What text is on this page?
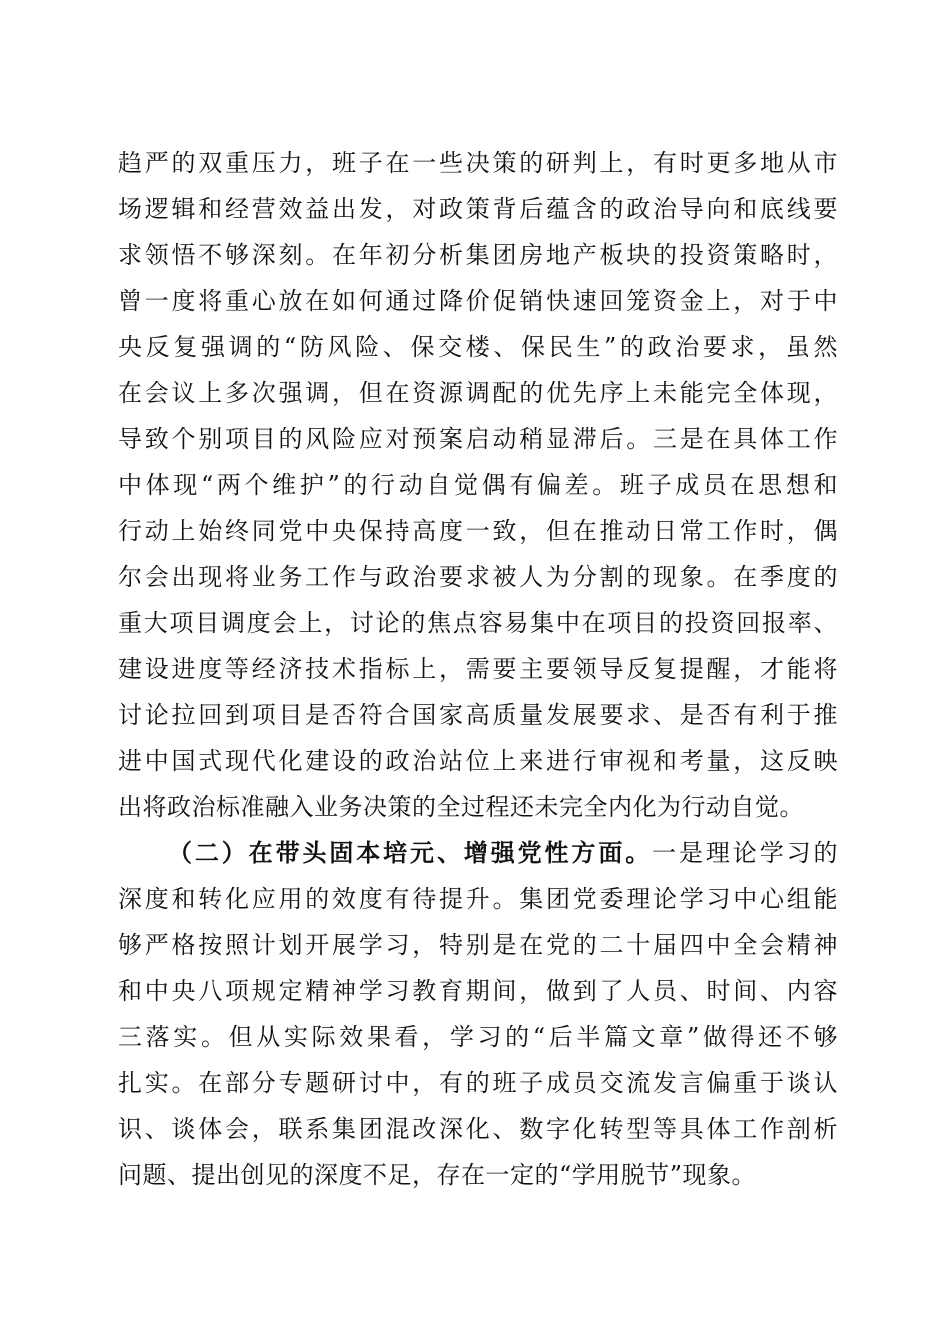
趋严的双重压力，班子在一些决策的研判上，有时更多地从市
场逻辑和经营效益出发，对政策背后蕴含的政治导向和底线要
求领悟不够深刻。在年初分析集团房地产板块的投资策略时，
曾一度将重心放在如何通过降价促销快速回笼资金上，对于中
央反复强调的“防风险、保交楼、保民生”的政治要求，虽然
在会议上多次强调，但在资源调配的优先序上未能完全体现，
导致个别项目的风险应对预案启动稍显滞后。三是在具体工作
中体现“两个维护”的行动自觉偶有偏差。班子成员在思想和
行动上始终同党中央保持高度一致，但在推动日常工作时，偶
尔会出现将业务工作与政治要求被人为分割的现象。在季度的
重大项目调度会上，讨论的焦点容易集中在项目的投资回报率、
建设进度等经济技术指标上，需要主要领导反复提醒，才能将
讨论拉回到项目是否符合国家高质量发展要求、是否有利于推
进中国式现代化建设的政治站位上来进行审视和考量，这反映
出将政治标准融入业务决策的全过程还未完全内化为行动自觉。
（二）在带头固本培元、增强党性方面。一是理论学习的
深度和转化应用的效度有待提升。集团党委理论学习中心组能
够严格按照计划开展学习，特别是在党的二十届四中全会精神
和中央八项规定精神学习教育期间，做到了人员、时间、内容
三落实。但从实际效果看，学习的“后半篇文章”做得还不够
扎实。在部分专题研讨中，有的班子成员交流发言偏重于谈认
识、谈体会，联系集团混改深化、数字化转型等具体工作剖析
问题、提出创见的深度不足，存在一定的“学用脱节”现象。
